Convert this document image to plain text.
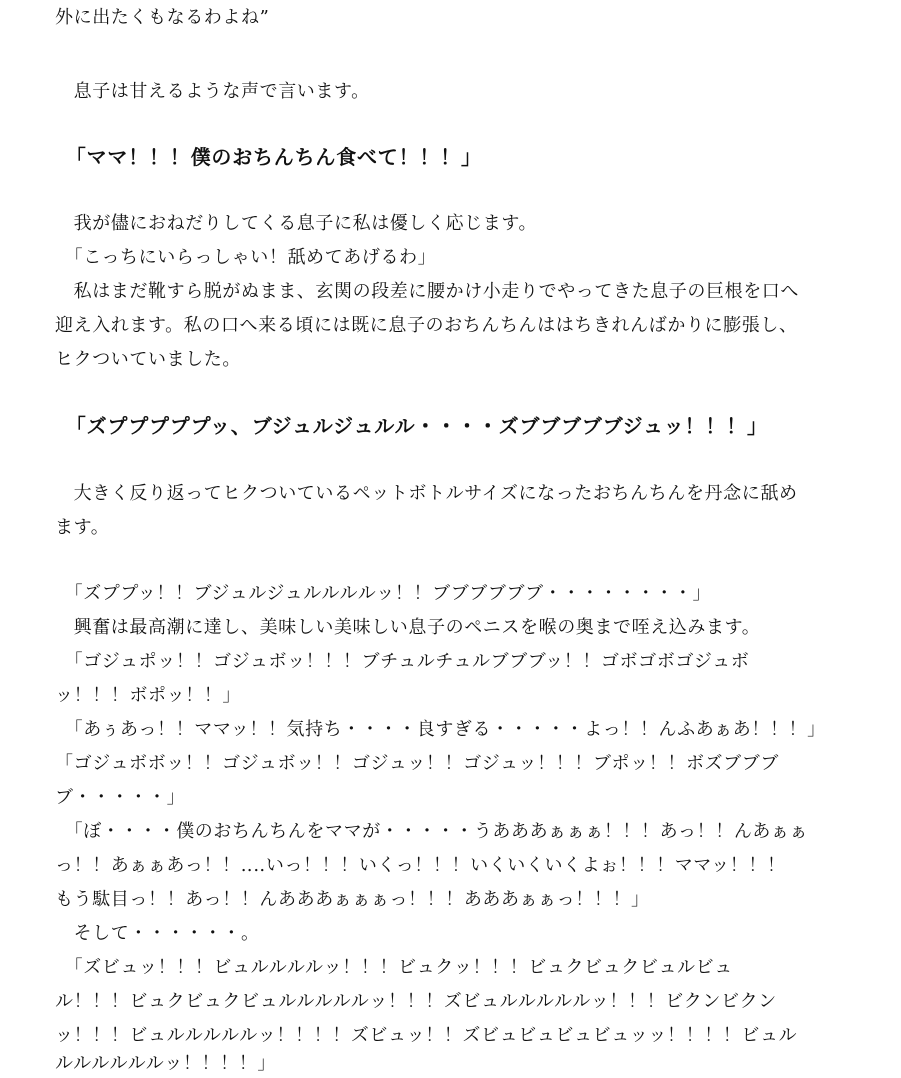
外に出たくもなるわよね”
　息子は甘えるような声で言います。
　「ママ！！！僕のおちんちん食べて！！！」
　我が儘におねだりしてくる息子に私は優しく応じます。
　「こっちにいらっしゃい！舐めてあげるわ」
　私はまだ靴すら脱がぬまま、玄関の段差に腰かけ小走りでやってきた息子の巨根を口へ
迎え入れます。私の口へ来る頃には既に息子のおちんちんははちきれんばかりに膨張し、
ヒクついていました。
　「ズプププププッ、ブジュルジュルル・・・・ズブブブブブジュッ！！！」
　大きく反り返ってヒクついているペットボトルサイズになったおちんちんを丹念に舐め
ます。
　「ズププッ！！ブジュルジュルルルルッ！！ブブブブブブ・・・・・・・・」
　興奮は最高潮に達し、美味しい美味しい息子のペニスを喉の奥まで咥え込みます。
　「ゴジュポッ！！ゴジュボッ！！！ブチュルチュルブブブッ！！ゴボゴボゴジュボ
ッ！！！ボポッ！！」
　「あぅあっ！！ママッ！！気持ち・・・・良すぎる・・・・・よっ！！んふあぁあ！！！」
「ゴジュボボッ！！ゴジュボッ！！ゴジュッ！！ゴジュッ！！！ブポッ！！ボズブブブ
ブ・・・・・」
　「ぼ・・・・僕のおちんちんをママが・・・・・うあああぁぁぁ！！！あっ！！んあぁぁ
っ！！あぁぁあっ！！‥‥いっ！！！いくっ！！！いくいくいくよぉ！！！ママッ！！！
もう駄目っ！！あっ！！んあああぁぁぁっ！！！あああぁぁっ！！！」
　そして・・・・・・。
　「ズビュッ！！！ビュルルルルッ！！！ビュクッ！！！ビュクビュクビュルビュ
ル！！！ビュクビュクビュルルルルルッ！！！ズビュルルルルルッ！！！ビクンビクン
ッ！！！ビュルルルルルッ！！！！ズビュッ！！ズビュビュビュビュッッ！！！！ビュル
ルルルルルルッ！！！！」
